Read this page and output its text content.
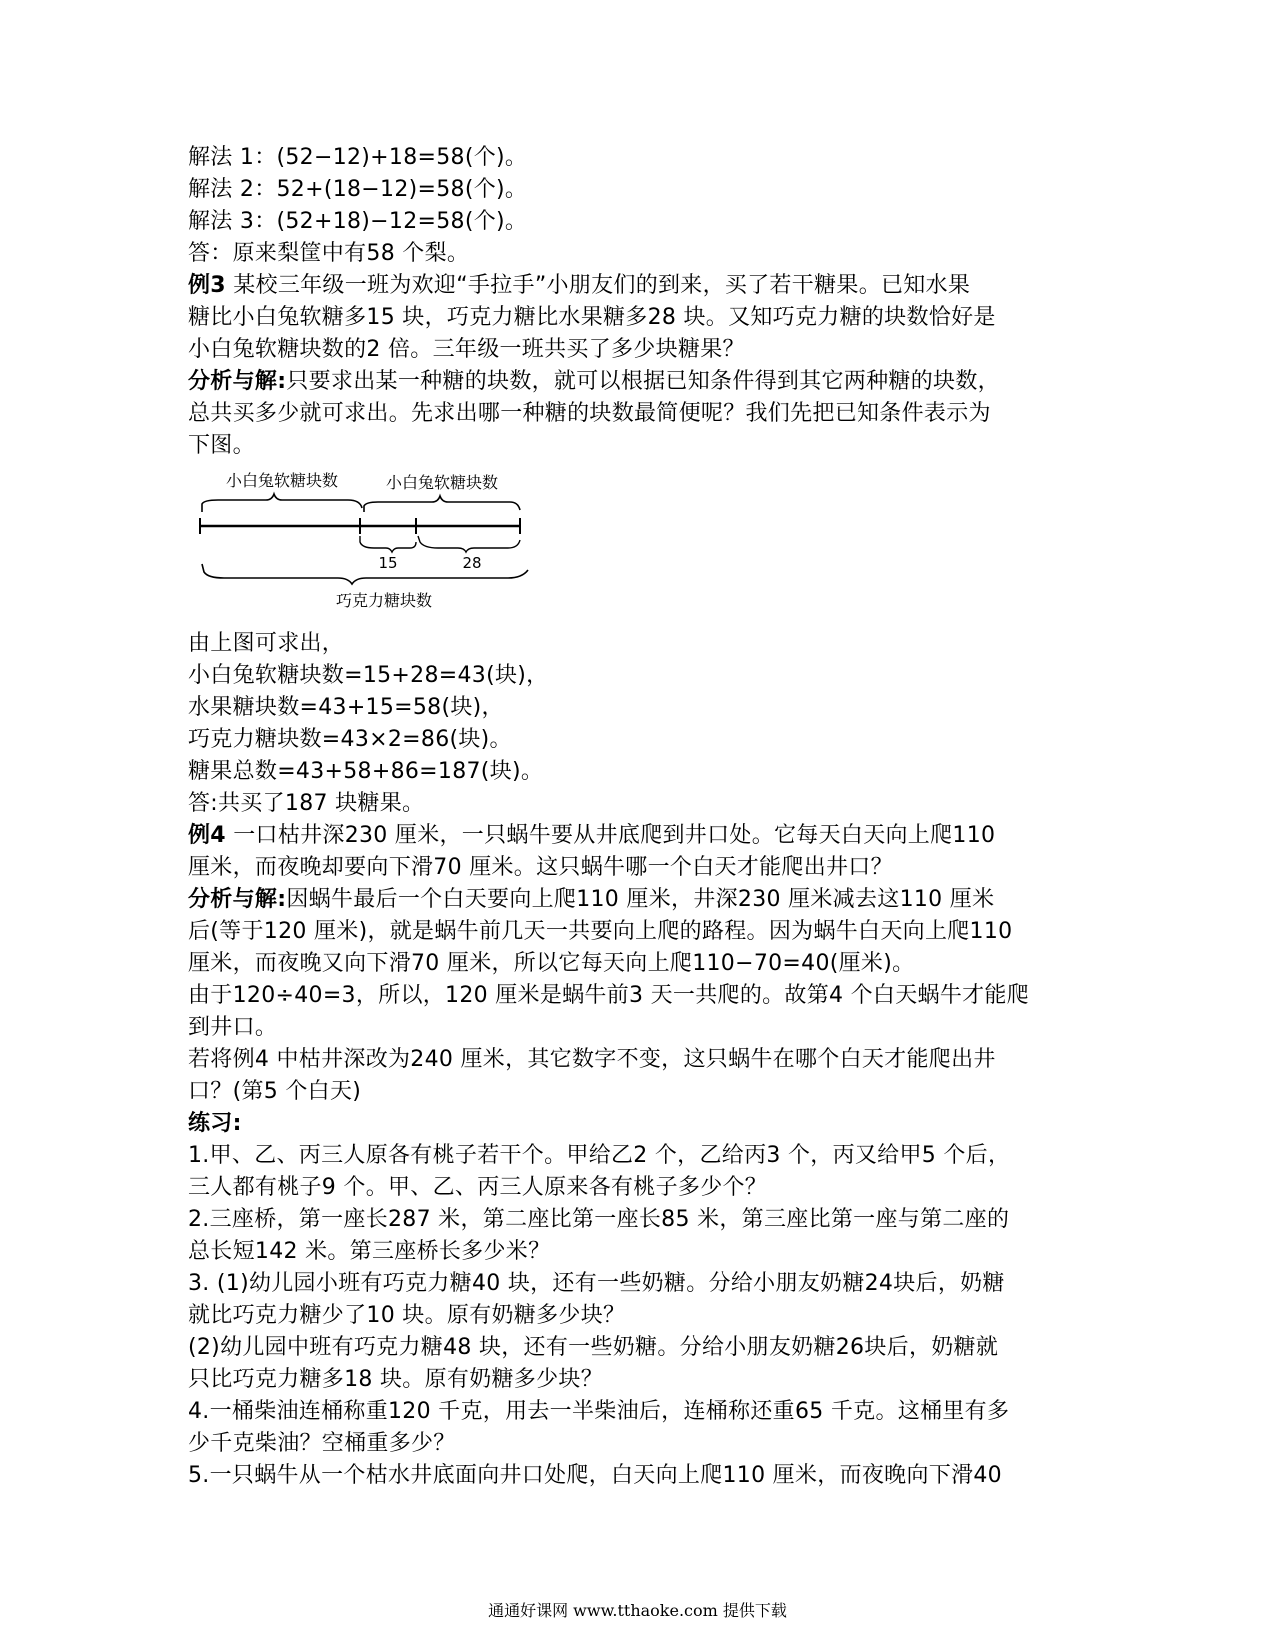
解法 1：(52−12)+18=58(个)。
解法 2：52+(18−12)=58(个)。
解法 3：(52+18)−12=58(个)。
答：原来梨筐中有58 个梨。
例3 某校三年级一班为欢迎“手拉手”小朋友们的到来，买了若干糖果。已知水果
糖比小白兔软糖多15 块，巧克力糖比水果糖多28 块。又知巧克力糖的块数恰好是
小白兔软糖块数的2 倍。三年级一班共买了多少块糖果？
分析与解:只要求出某一种糖的块数，就可以根据已知条件得到其它两种糖的块数，
总共买多少就可求出。先求出哪一种糖的块数最简便呢？我们先把已知条件表示为
下图。
小白兔软糖块数	小白兔软糖块数
15	28
巧克力糖块数
由上图可求出，
小白兔软糖块数=15+28=43(块)，
水果糖块数=43+15=58(块)，
巧克力糖块数=43×2=86(块)。
糖果总数=43+58+86=187(块)。
答:共买了187 块糖果。
例4 一口枯井深230 厘米，一只蜗牛要从井底爬到井口处。它每天白天向上爬110
厘米，而夜晚却要向下滑70 厘米。这只蜗牛哪一个白天才能爬出井口？
分析与解:因蜗牛最后一个白天要向上爬110 厘米，井深230 厘米减去这110 厘米
后(等于120 厘米)，就是蜗牛前几天一共要向上爬的路程。因为蜗牛白天向上爬110
厘米，而夜晚又向下滑70 厘米，所以它每天向上爬110−70=40(厘米)。
由于120÷40=3，所以，120 厘米是蜗牛前3 天一共爬的。故第4 个白天蜗牛才能爬
到井口。
若将例4 中枯井深改为240 厘米，其它数字不变，这只蜗牛在哪个白天才能爬出井
口？(第5 个白天)
练习:
1.甲、乙、丙三人原各有桃子若干个。甲给乙2 个，乙给丙3 个，丙又给甲5 个后，
三人都有桃子9 个。甲、乙、丙三人原来各有桃子多少个？
2.三座桥，第一座长287 米，第二座比第一座长85 米，第三座比第一座与第二座的
总长短142 米。第三座桥长多少米？
3. (1)幼儿园小班有巧克力糖40 块，还有一些奶糖。分给小朋友奶糖24块后，奶糖
就比巧克力糖少了10 块。原有奶糖多少块？
(2)幼儿园中班有巧克力糖48 块，还有一些奶糖。分给小朋友奶糖26块后，奶糖就
只比巧克力糖多18 块。原有奶糖多少块？
4.一桶柴油连桶称重120 千克，用去一半柴油后，连桶称还重65 千克。这桶里有多
少千克柴油？空桶重多少？
5.一只蜗牛从一个枯水井底面向井口处爬，白天向上爬110 厘米，而夜晚向下滑40
通通好课网 www.tthaoke.com 提供下载
